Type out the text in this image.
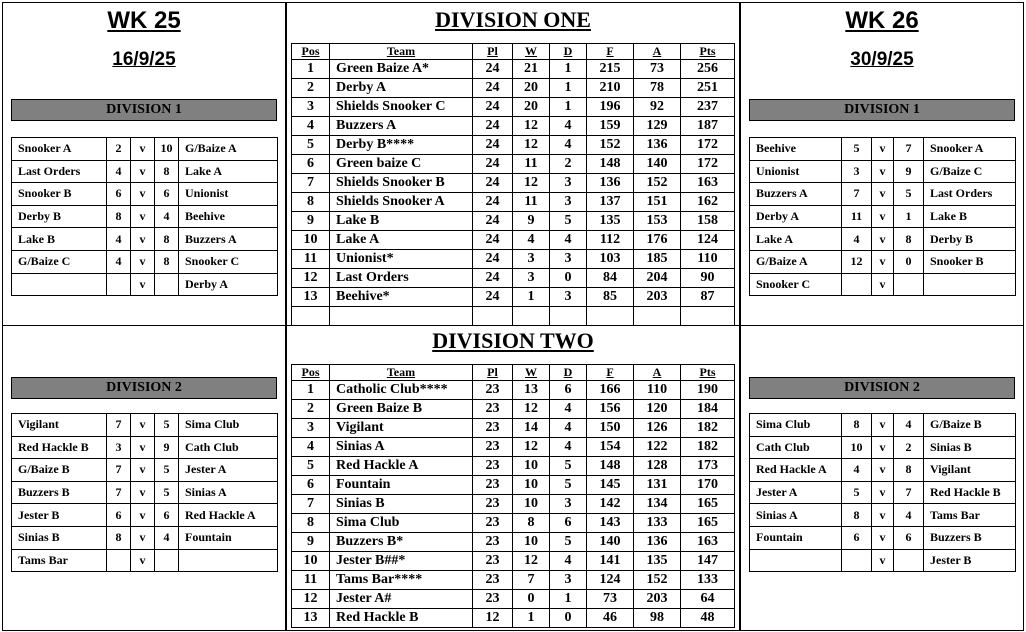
WK 25
16/9/25
DIVISION 1
Snooker A	2	v	10	G/Baize A
Last Orders	4	v	8	Lake A
Snooker B	6	v	6	Unionist
Derby B	8	v	4	Beehive
Lake B	4	v	8	Buzzers A
G/Baize C	4	v	8	Snooker C
		v		Derby A
DIVISION ONE
Pos	Team	Pl	W	D	F	A	Pts
1	Green Baize A*	24	21	1	215	73	256
2	Derby A	24	20	1	210	78	251
3	Shields Snooker C	24	20	1	196	92	237
4	Buzzers A	24	12	4	159	129	187
5	Derby B****	24	12	4	152	136	172
6	Green baize C	24	11	2	148	140	172
7	Shields Snooker B	24	12	3	136	152	163
8	Shields Snooker A	24	11	3	137	151	162
9	Lake B	24	9	5	135	153	158
10	Lake A	24	4	4	112	176	124
11	Unionist*	24	3	3	103	185	110
12	Last Orders	24	3	0	84	204	90
13	Beehive*	24	1	3	85	203	87

WK 26
30/9/25
DIVISION 1
Beehive	5	v	7	Snooker A
Unionist	3	v	9	G/Baize C
Buzzers A	7	v	5	Last Orders
Derby A	11	v	1	Lake B
Lake A	4	v	8	Derby B
G/Baize A	12	v	0	Snooker B
Snooker C		v		
DIVISION 2
Vigilant	7	v	5	Sima Club
Red Hackle B	3	v	9	Cath Club
G/Baize B	7	v	5	Jester A
Buzzers B	7	v	5	Sinias A
Jester B	6	v	6	Red Hackle A
Sinias B	8	v	4	Fountain
Tams Bar		v		
DIVISION TWO
Pos	Team	Pl	W	D	F	A	Pts
1	Catholic Club****	23	13	6	166	110	190
2	Green Baize B	23	12	4	156	120	184
3	Vigilant	23	14	4	150	126	182
4	Sinias A	23	12	4	154	122	182
5	Red Hackle A	23	10	5	148	128	173
6	Fountain	23	10	5	145	131	170
7	Sinias B	23	10	3	142	134	165
8	Sima Club	23	8	6	143	133	165
9	Buzzers B*	23	10	5	140	136	163
10	Jester B##*	23	12	4	141	135	147
11	Tams Bar****	23	7	3	124	152	133
12	Jester A#	23	0	1	73	203	64
13	Red Hackle B	12	1	0	46	98	48
DIVISION 2
Sima Club	8	v	4	G/Baize B
Cath Club	10	v	2	Sinias B
Red Hackle A	4	v	8	Vigilant
Jester A	5	v	7	Red Hackle B
Sinias A	8	v	4	Tams Bar
Fountain	6	v	6	Buzzers B
		v		Jester B
